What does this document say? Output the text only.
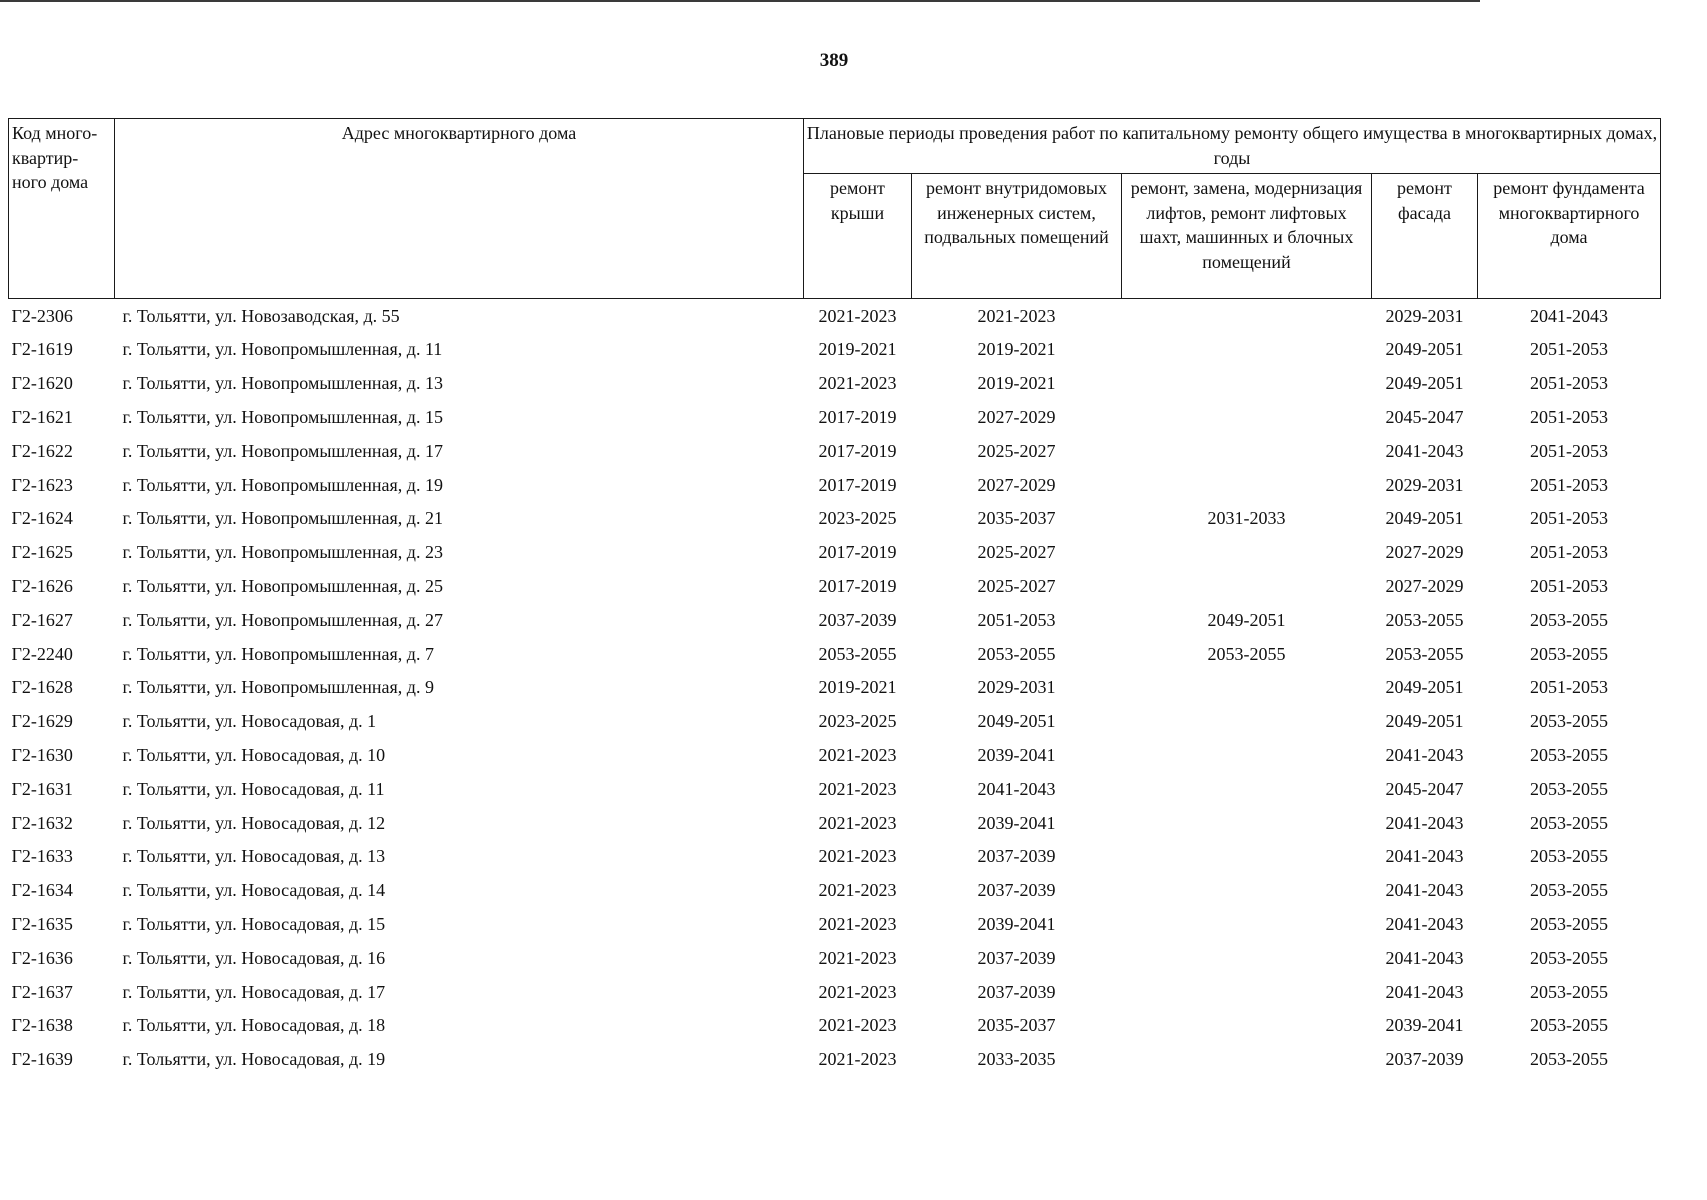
389
Код много-квартир-ного дома	Адрес многоквартирного дома	Плановые периоды проведения работ по капитальному ремонту общего имущества в многоквартирных домах, годы				
		ремонт крыши	ремонт внутридомовых инженерных систем, подвальных помещений	ремонт, замена, модернизация лифтов, ремонт лифтовых шахт, машинных и блочных помещений	ремонт фасада	ремонт фундамента многоквартирного дома
Г2-2306	г. Тольятти, ул. Новозаводская, д. 55	2021-2023	2021-2023		2029-2031	2041-2043
Г2-1619	г. Тольятти, ул. Новопромышленная, д. 11	2019-2021	2019-2021		2049-2051	2051-2053
Г2-1620	г. Тольятти, ул. Новопромышленная, д. 13	2021-2023	2019-2021		2049-2051	2051-2053
Г2-1621	г. Тольятти, ул. Новопромышленная, д. 15	2017-2019	2027-2029		2045-2047	2051-2053
Г2-1622	г. Тольятти, ул. Новопромышленная, д. 17	2017-2019	2025-2027		2041-2043	2051-2053
Г2-1623	г. Тольятти, ул. Новопромышленная, д. 19	2017-2019	2027-2029		2029-2031	2051-2053
Г2-1624	г. Тольятти, ул. Новопромышленная, д. 21	2023-2025	2035-2037	2031-2033	2049-2051	2051-2053
Г2-1625	г. Тольятти, ул. Новопромышленная, д. 23	2017-2019	2025-2027		2027-2029	2051-2053
Г2-1626	г. Тольятти, ул. Новопромышленная, д. 25	2017-2019	2025-2027		2027-2029	2051-2053
Г2-1627	г. Тольятти, ул. Новопромышленная, д. 27	2037-2039	2051-2053	2049-2051	2053-2055	2053-2055
Г2-2240	г. Тольятти, ул. Новопромышленная, д. 7	2053-2055	2053-2055	2053-2055	2053-2055	2053-2055
Г2-1628	г. Тольятти, ул. Новопромышленная, д. 9	2019-2021	2029-2031		2049-2051	2051-2053
Г2-1629	г. Тольятти, ул. Новосадовая, д. 1	2023-2025	2049-2051		2049-2051	2053-2055
Г2-1630	г. Тольятти, ул. Новосадовая, д. 10	2021-2023	2039-2041		2041-2043	2053-2055
Г2-1631	г. Тольятти, ул. Новосадовая, д. 11	2021-2023	2041-2043		2045-2047	2053-2055
Г2-1632	г. Тольятти, ул. Новосадовая, д. 12	2021-2023	2039-2041		2041-2043	2053-2055
Г2-1633	г. Тольятти, ул. Новосадовая, д. 13	2021-2023	2037-2039		2041-2043	2053-2055
Г2-1634	г. Тольятти, ул. Новосадовая, д. 14	2021-2023	2037-2039		2041-2043	2053-2055
Г2-1635	г. Тольятти, ул. Новосадовая, д. 15	2021-2023	2039-2041		2041-2043	2053-2055
Г2-1636	г. Тольятти, ул. Новосадовая, д. 16	2021-2023	2037-2039		2041-2043	2053-2055
Г2-1637	г. Тольятти, ул. Новосадовая, д. 17	2021-2023	2037-2039		2041-2043	2053-2055
Г2-1638	г. Тольятти, ул. Новосадовая, д. 18	2021-2023	2035-2037		2039-2041	2053-2055
Г2-1639	г. Тольятти, ул. Новосадовая, д. 19	2021-2023	2033-2035		2037-2039	2053-2055
